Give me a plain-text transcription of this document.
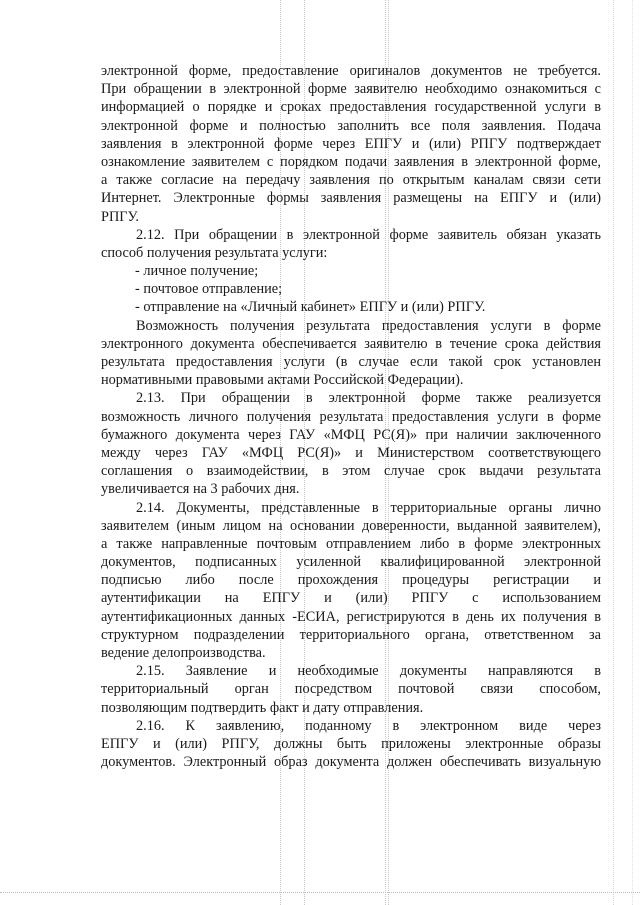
электронной форме, предоставление оригиналов документов не требуется.
При обращении в электронной форме заявителю необходимо ознакомиться с
информацией о порядке и сроках предоставления государственной услуги в
электронной форме и полностью заполнить все поля заявления. Подача
заявления в электронной форме через ЕПГУ и (или) РПГУ подтверждает
ознакомление заявителем с порядком подачи заявления в электронной форме,
а также согласие на передачу заявления по открытым каналам связи сети
Интернет. Электронные формы заявления размещены на ЕПГУ и (или)
РПГУ.
2.12. При обращении в электронной форме заявитель обязан указать
способ получения результата услуги:
- личное получение;
- почтовое отправление;
- отправление на «Личный кабинет» ЕПГУ и (или) РПГУ.
Возможность получения результата предоставления услуги в форме
электронного документа обеспечивается заявителю в течение срока действия
результата предоставления услуги (в случае если такой срок установлен
нормативными правовыми актами Российской Федерации).
2.13. При обращении в электронной форме также реализуется
возможность личного получения результата предоставления услуги в форме
бумажного документа через ГАУ «МФЦ РС(Я)» при наличии заключенного
между через ГАУ «МФЦ РС(Я)» и Министерством соответствующего
соглашения о взаимодействии, в этом случае срок выдачи результата
увеличивается на 3 рабочих дня.
2.14. Документы, представленные в территориальные органы лично
заявителем (иным лицом на основании доверенности, выданной заявителем),
а также направленные почтовым отправлением либо в форме электронных
документов, подписанных усиленной квалифицированной электронной
подписью либо после прохождения процедуры регистрации и
аутентификации на ЕПГУ и (или) РПГУ с использованием
аутентификационных данных -ЕСИА, регистрируются в день их получения в
структурном подразделении территориального органа, ответственном за
ведение делопроизводства.
2.15. Заявление и необходимые документы направляются в
территориальный орган посредством почтовой связи способом,
позволяющим подтвердить факт и дату отправления.
2.16. К заявлению, поданному в электронном виде через
ЕПГУ и (или) РПГУ, должны быть приложены электронные образы
документов. Электронный образ документа должен обеспечивать визуальную
